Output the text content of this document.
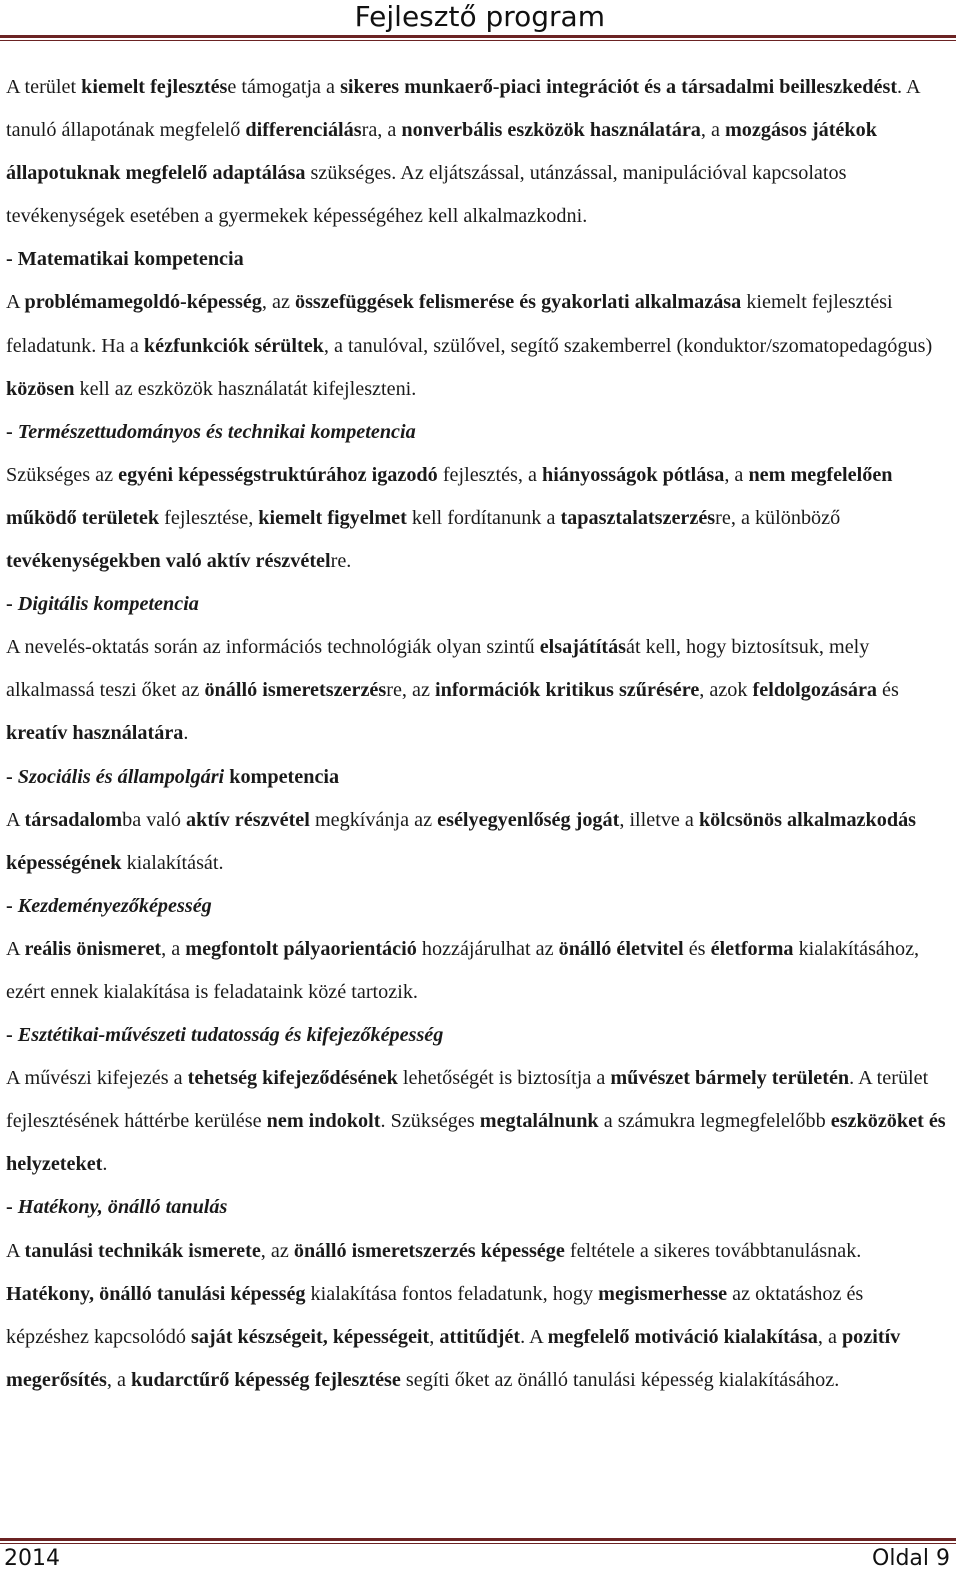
Fejlesztő program

A terület kiemelt fejlesztése támogatja a sikeres munkaerő-piaci integrációt és a társadalmi beilleszkedést. A tanuló állapotának megfelelő differenciálásra, a nonverbális eszközök használatára, a mozgásos játékok állapotuknak megfelelő adaptálása szükséges. Az eljátszással, utánzással, manipulációval kapcsolatos tevékenységek esetében a gyermekek képességéhez kell alkalmazkodni.

- Matematikai kompetencia

A problémamegoldó-képesség, az összefüggések felismerése és gyakorlati alkalmazása kiemelt fejlesztési feladatunk. Ha a kézfunkciók sérültek, a tanulóval, szülővel, segítő szakemberrel (konduktor/szomatopedagógus) közösen kell az eszközök használatát kifejleszteni.

- Természettudományos és technikai kompetencia

Szükséges az egyéni képességstruktúrához igazodó fejlesztés, a hiányosságok pótlása, a nem megfelelően működő területek fejlesztése, kiemelt figyelmet kell fordítanunk a tapasztalatszerzésre, a különböző tevékenységekben való aktív részvételre.

- Digitális kompetencia

A nevelés-oktatás során az információs technológiák olyan szintű elsajátítását kell, hogy biztosítsuk, mely alkalmassá teszi őket az önálló ismeretszerzésre, az információk kritikus szűrésére, azok feldolgozására és kreatív használatára.

- Szociális és állampolgári kompetencia

A társadalomba való aktív részvétel megkívánja az esélyegyenlőség jogát, illetve a kölcsönös alkalmazkodás képességének kialakítását.

- Kezdeményezőképesség

A reális önismeret, a megfontolt pályaorientáció hozzájárulhat az önálló életvitel és életforma kialakításához, ezért ennek kialakítása is feladataink közé tartozik.

- Esztétikai-művészeti tudatosság és kifejezőképesség

A művészi kifejezés a tehetség kifejeződésének lehetőségét is biztosítja a művészet bármely területén. A terület fejlesztésének háttérbe kerülése nem indokolt. Szükséges megtalálnunk a számukra legmegfelelőbb eszközöket és helyzeteket.

- Hatékony, önálló tanulás

A tanulási technikák ismerete, az önálló ismeretszerzés képessége feltétele a sikeres továbbtanulásnak. Hatékony, önálló tanulási képesség kialakítása fontos feladatunk, hogy megismerhesse az oktatáshoz és képzéshez kapcsolódó saját készségeit, képességeit, attitűdjét. A megfelelő motiváció kialakítása, a pozitív megerősítés, a kudarctűrő képesség fejlesztése segíti őket az önálló tanulási képesség kialakításához.

2014	Oldal 9
